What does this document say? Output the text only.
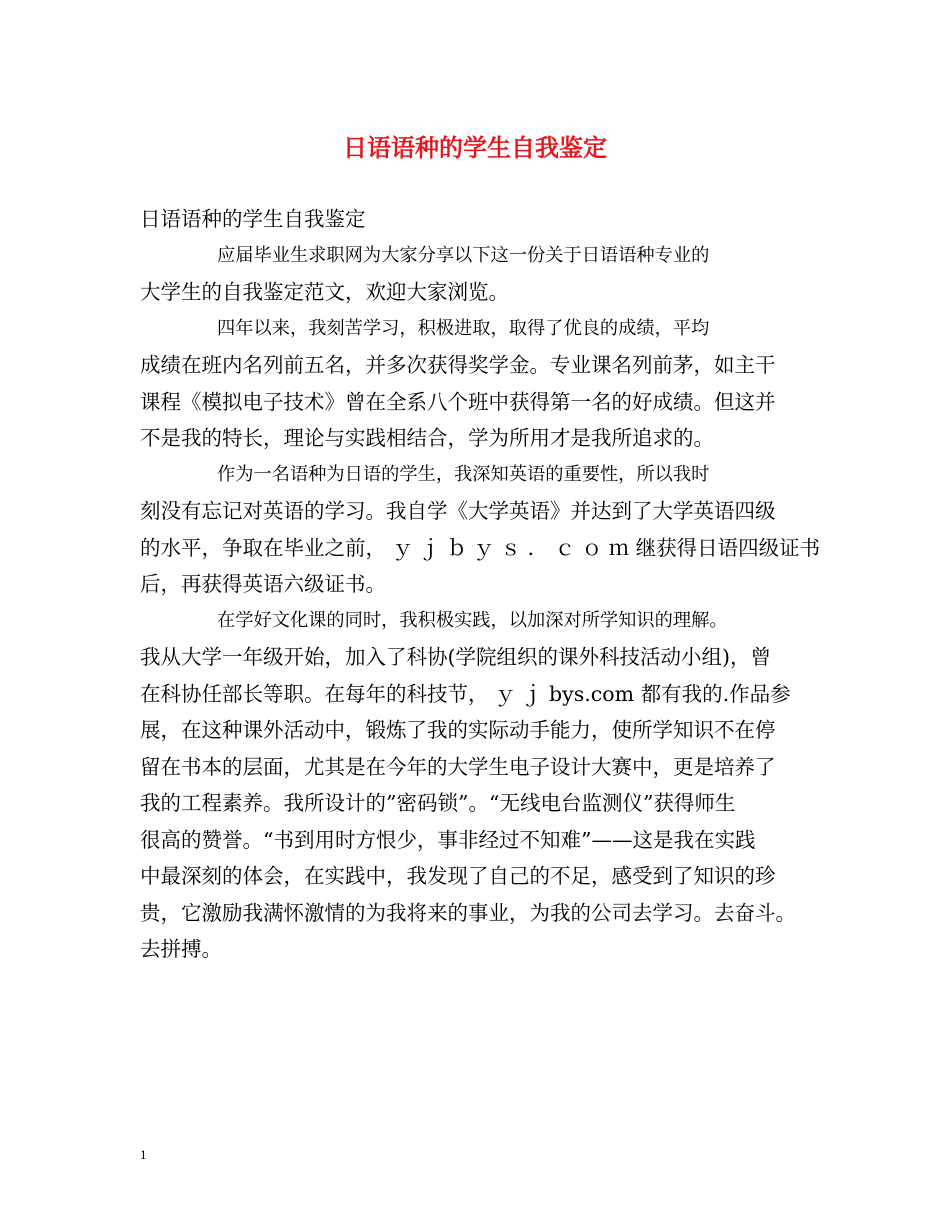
日语语种的学生自我鉴定
日语语种的学生自我鉴定
应届毕业生求职网为大家分享以下这一份关于日语语种专业的
大学生的自我鉴定范文，欢迎大家浏览。
四年以来，我刻苦学习，积极进取，取得了优良的成绩，平均
成绩在班内名列前五名，并多次获得奖学金。专业课名列前茅，如主干
课程《模拟电子技术》曾在全系八个班中获得第一名的好成绩。但这并
不是我的特长，理论与实践相结合，学为所用才是我所追求的。
作为一名语种为日语的学生，我深知英语的重要性，所以我时
刻没有忘记对英语的学习。我自学《大学英语》并达到了大学英语四级
的水平，争取在毕业之前， ｙ ｊ ｂ ｙ ｓ ． ｃ ｏ ｍ 继获得日语四级证书
后，再获得英语六级证书。
在学好文化课的同时，我积极实践，以加深对所学知识的理解。
我从大学一年级开始，加入了科协(学院组织的课外科技活动小组)，曾
在科协任部长等职。在每年的科技节， ｙ ｊ bys.com 都有我的.作品参
展，在这种课外活动中，锻炼了我的实际动手能力，使所学知识不在停
留在书本的层面，尤其是在今年的大学生电子设计大赛中，更是培养了
我的工程素养。我所设计的”密码锁”。“无线电台监测仪”获得师生
很高的赞誉。“书到用时方恨少，事非经过不知难”——这是我在实践
中最深刻的体会，在实践中，我发现了自己的不足，感受到了知识的珍
贵，它激励我满怀激情的为我将来的事业，为我的公司去学习。去奋斗。
去拼搏。
1
